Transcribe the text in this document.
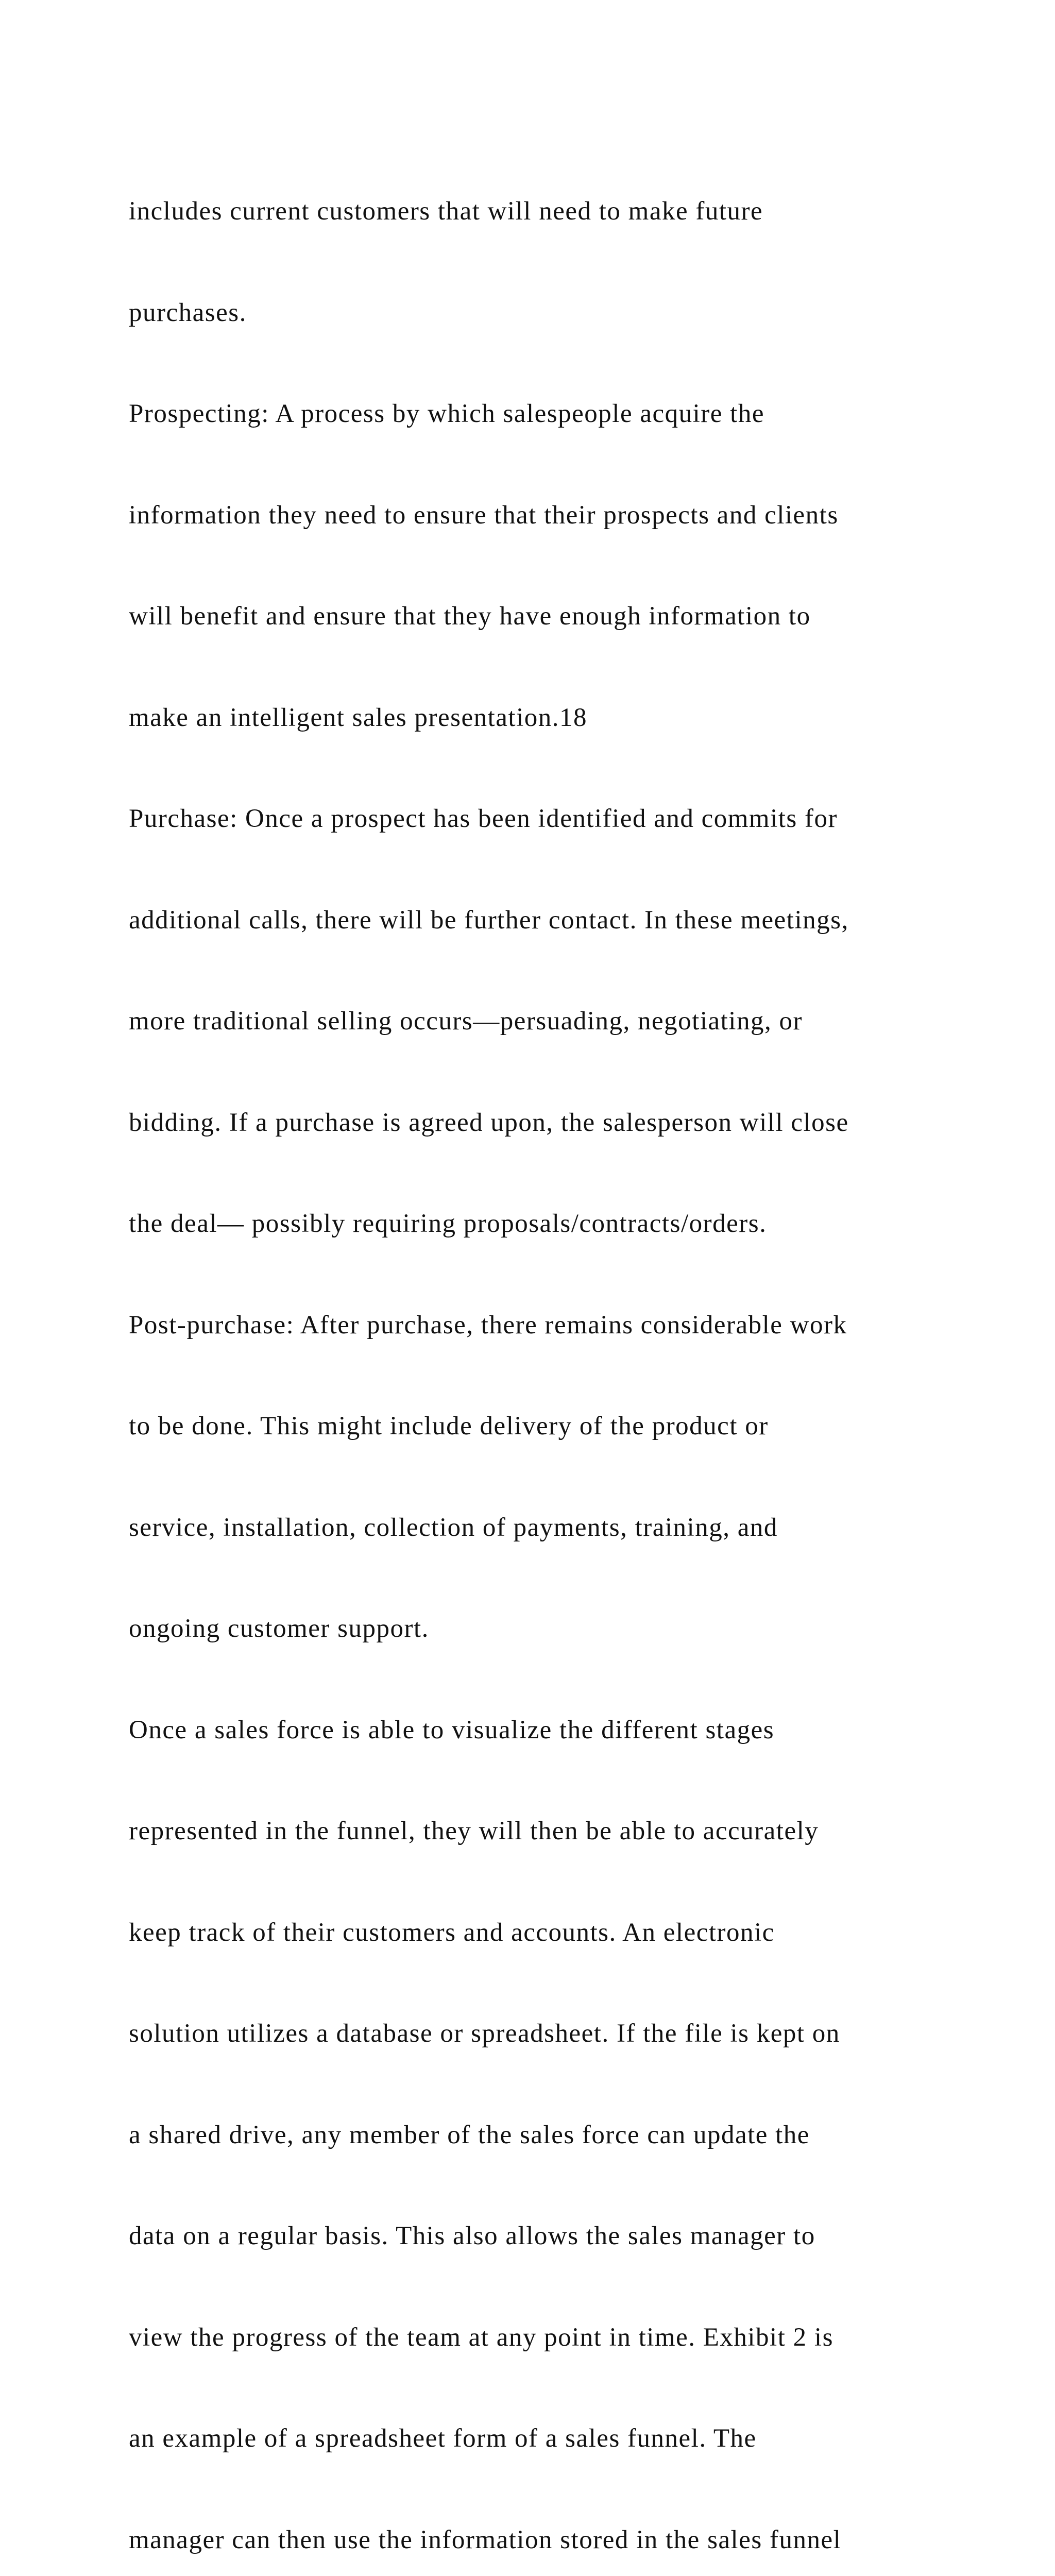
includes current customers that will need to make future

purchases.

Prospecting: A process by which salespeople acquire the

information they need to ensure that their prospects and clients

will benefit and ensure that they have enough information to

make an intelligent sales presentation.18

Purchase: Once a prospect has been identified and commits for

additional calls, there will be further contact. In these meetings,

more traditional selling occurs—persuading, negotiating, or

bidding. If a purchase is agreed upon, the salesperson will close

the deal— possibly requiring proposals/contracts/orders.

Post-purchase: After purchase, there remains considerable work

to be done. This might include delivery of the product or

service, installation, collection of payments, training, and

ongoing customer support.

Once a sales force is able to visualize the different stages

represented in the funnel, they will then be able to accurately

keep track of their customers and accounts. An electronic

solution utilizes a database or spreadsheet. If the file is kept on

a shared drive, any member of the sales force can update the

data on a regular basis. This also allows the sales manager to

view the progress of the team at any point in time. Exhibit 2 is

an example of a spreadsheet form of a sales funnel. The

manager can then use the information stored in the sales funnel
